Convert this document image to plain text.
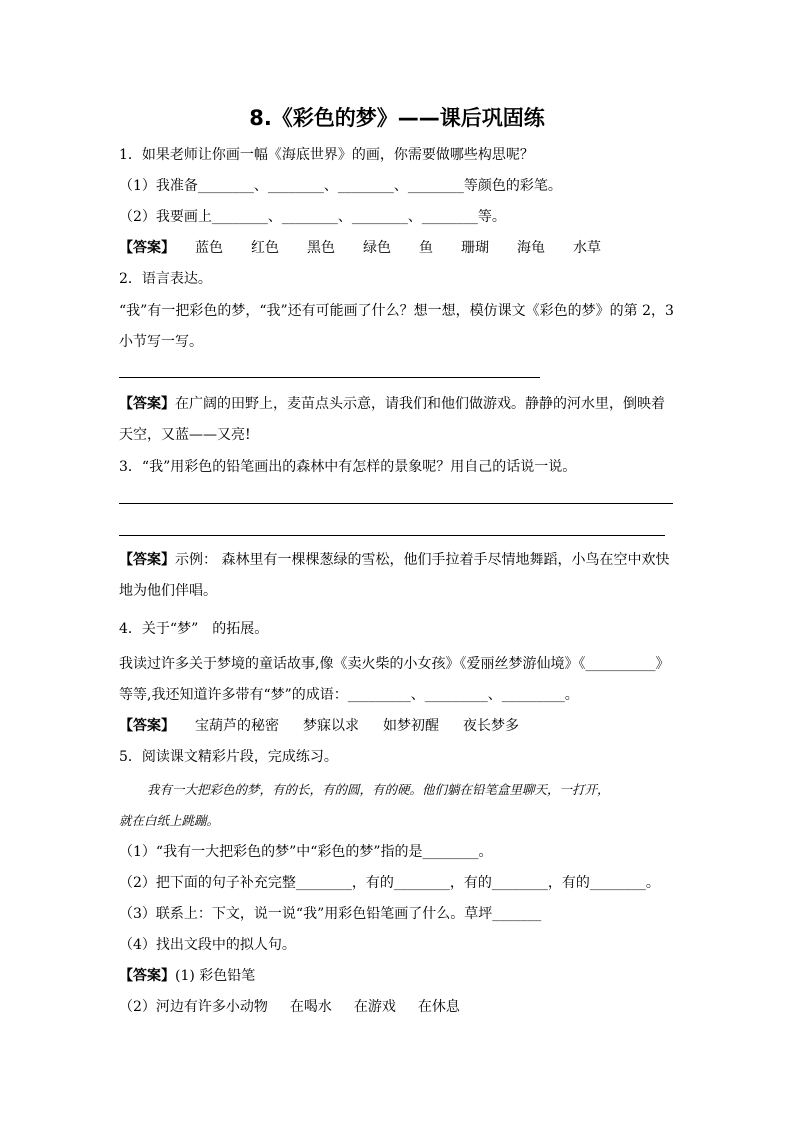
8.《彩色的梦》——课后巩固练
1．如果老师让你画一幅《海底世界》的画，你需要做哪些构思呢？
（1）我准备________、________、________、________等颜色的彩笔。
（2）我要画上________、________、________、________等。
【答案】 蓝色 红色 黑色 绿色 鱼 珊瑚 海龟 水草
2．语言表达。
“我”有一把彩色的梦，“我”还有可能画了什么？想一想，模仿课文《彩色的梦》的第 2，3
小节写一写。
【答案】在广阔的田野上，麦苗点头示意，请我们和他们做游戏。静静的河水里，倒映着
天空，又蓝——又亮!
3．“我”用彩色的铅笔画出的森林中有怎样的景象呢？用自己的话说一说。
【答案】示例： 森林里有一棵棵葱绿的雪松，他们手拉着手尽情地舞蹈，小鸟在空中欢快
地为他们伴唱。
4．关于“梦”　的拓展。
我读过许多关于梦境的童话故事,像《卖火柴的小女孩》《爱丽丝梦游仙境》《__________》
等等,我还知道许多带有“梦”的成语：_________、_________、_________。
【答案】 宝葫芦的秘密 梦寐以求 如梦初醒 夜长梦多
5．阅读课文精彩片段，完成练习。
我有一大把彩色的梦，有的长，有的圆，有的硬。他们躺在铅笔盒里聊天，一打开，
就在白纸上跳蹦。
（1）“我有一大把彩色的梦”中“彩色的梦”指的是________。
（2）把下面的句子补充完整________，有的________，有的________，有的________。
（3）联系上：下文，说一说“我”用彩色铅笔画了什么。草坪_______
（4）找出文段中的拟人句。
【答案】(1) 彩色铅笔
（2）河边有许多小动物 在喝水 在游戏 在休息
